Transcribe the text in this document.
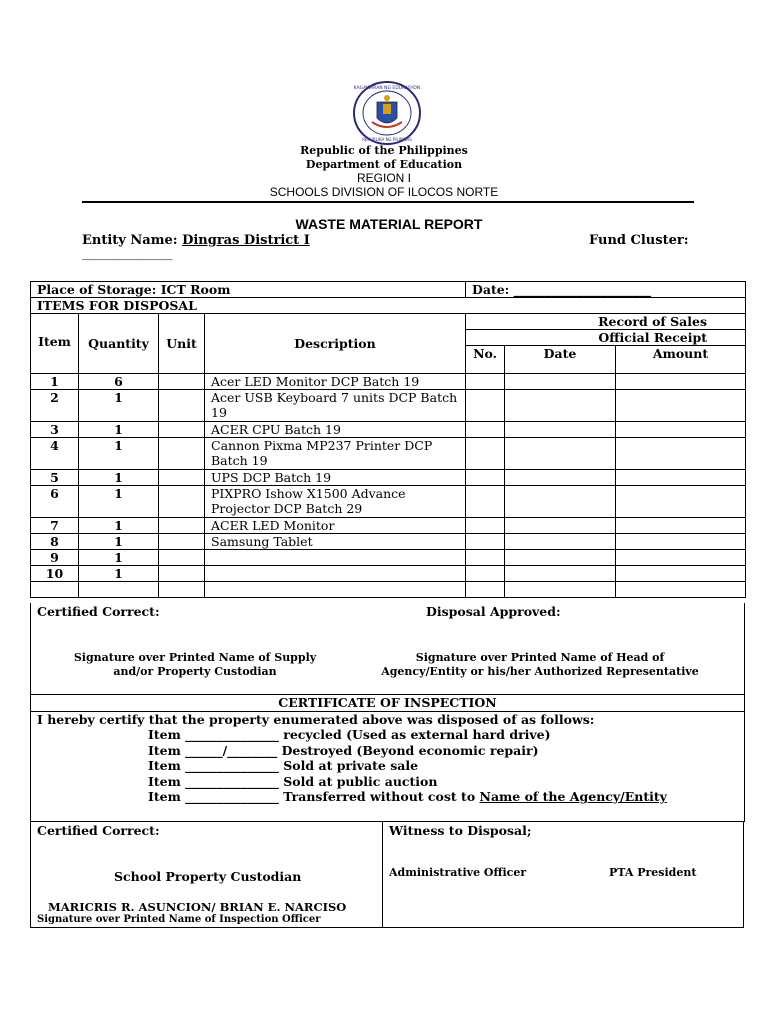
KAGAWARAN NG EDUKASYON
REPUBLIKA NG PILIPINAS
Republic of the Philippines
Department of Education
REGION I
SCHOOLS DIVISION OF ILOCOS NORTE
WASTE MATERIAL REPORT
Entity Name: Dingras District I	Fund Cluster:
_______________
Place of Storage: ICT Room				Date: ______________________		
ITEMS FOR DISPOSAL						
Item	Quantity	Unit	Description	Record of Sales		
				Official Receipt		
				No.	Date	Amount
1	6		Acer LED Monitor DCP Batch 19			
2	1		Acer USB Keyboard 7 units DCP Batch 19			
3	1		ACER CPU Batch 19			
4	1		Cannon Pixma MP237 Printer DCP Batch 19			
5	1		UPS DCP Batch 19			
6	1		PIXPRO Ishow X1500 Advance Projector DCP Batch 29			
7	1		ACER LED Monitor			
8	1		Samsung Tablet			
9	1					
10	1					

Certified Correct:	Disposal Approved:
Signature over Printed Name of Supply
and/or Property Custodian
Signature over Printed Name of Head of
Agency/Entity or his/her Authorized Representative
CERTIFICATE OF INSPECTION
I hereby certify that the property enumerated above was disposed of as follows:
Item _______________ recycled (Used as external hard drive)
Item ______/________ Destroyed (Beyond economic repair)
Item _______________ Sold at private sale
Item _______________ Sold at public auction
Item _______________ Transferred without cost to Name of the Agency/Entity
Certified Correct:	Witness to Disposal;
School Property Custodian	Administrative Officer	PTA President
MARICRIS R. ASUNCION/ BRIAN E. NARCISO
Signature over Printed Name of Inspection Officer
